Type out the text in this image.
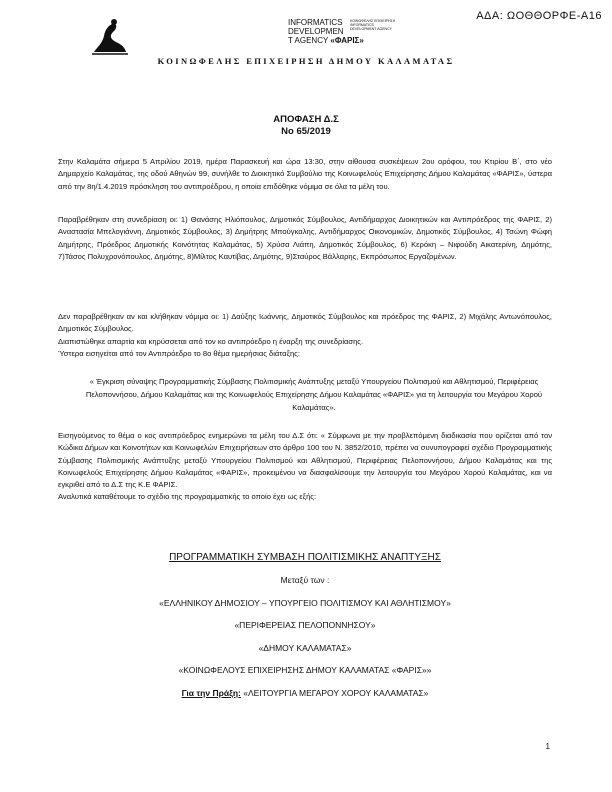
ΑΔΑ: ΩΟΘΘΟΡΦΕ-Α16
INFORMATICS
DEVELOPMEN
T AGENCY «ΦΑΡΙΣ»
ΚΟΙΝΩΦΕΛΗΣ ΕΠΙΧΕΙΡΗΣΗ
INFORMATICS
DEVELOPMENT AGENCY
ΚΟΙΝΩΦΕΛΗΣ ΕΠΙΧΕΙΡΗΣΗ ΔΗΜΟΥ ΚΑΛΑΜΑΤΑΣ
ΑΠΟΦΑΣΗ Δ.Σ
Νο 65/2019

Στην Καλαμάτα σήμερα 5 Απριλίου 2019, ημέρα Παρασκευή και ώρα 13:30, στην αίθουσα συσκέψεων 2ου ορόφου, του Κτιρίου Β΄, στο νέο Δημαρχείο Καλαμάτας, της οδού Αθηνών 99, συνήλθε το Διοικητικό Συμβούλιο της Κοινωφελούς Επιχείρησης Δήμου Καλαμάτας «ΦΑΡΙΣ», ύστερα από την 8η/1.4.2019 πρόσκληση του αντιπροέδρου, η οποία επιδόθηκε νόμιμα σε όλα τα μέλη του.

Παραβρέθηκαν στη συνεδρίαση οι: 1) Θανάσης Ηλιόπουλος, Δημοτικός Σύμβουλος, Αντιδήμαρχος Διοικητικών και Αντιπρόεδρος της ΦΑΡΙΣ, 2) Αναστασία Μπελογιάννη, Δημοτικός Σύμβουλος, 3) Δημήτρης Μπούγκαλης, Αντιδήμαρχος Οικονομικών, Δημοτικός Σύμβουλος, 4) Τσώνη Φώφη Δημήτρης, Πρόεδρος Δημοτικής Κοινότητας Καλαμάτας, 5) Χρύσα Λιάπη, Δημοτικός Σύμβουλος, 6) Κερόκη – Νιφούδη Αικατερίνη, Δημότης, 7)Τάσος Πολυχρονόπουλος, Δημότης, 8)Μίλτος Καυτίβας, Δημότης, 9)Σταύρος Βάλλαρης, Εκπρόσωπος Εργαζομένων.

Δεν παραβρέθηκαν αν και κλήθηκαν νόμιμα οι: 1) Δαύξης Ιωάννης, Δημοτικός Σύμβουλος και πρόεδρος της ΦΑΡΙΣ, 2) Μιχάλης Αντωνόπουλος, Δημοτικός Σύμβουλος.

Διαπιστώθηκε απαρτία και κηρύσσεται από τον κο αντιπρόεδρο η έναρξη της συνεδρίασης.

Ύστερα εισηγείται από τον Αντιπρόεδρο το 8ο θέμα ημερήσιας διάταξης:

« Έγκριση σύναψης Προγραμματικής Σύμβασης Πολιτισμικής Ανάπτυξης μεταξύ Υπουργείου Πολιτισμού και Αθλητισμού, Περιφέρειας Πελοποννήσου, Δήμου Καλαμάτας και της Κοινωφελούς Επιχείρησης Δήμου Καλαμάτας «ΦΑΡΙΣ» για τη λειτουργία του Μεγάρου Χορού Καλαμάτας».

Εισηγούμενος το θέμα ο κος αντιπρόεδρος ενημερώνει τα μέλη του Δ.Σ ότι: « Σύμφωνα με την προβλεπόμενη διαδικασία που ορίζεται από τον Κώδικα Δήμων και Κοινοτήτων και Κοινωφελών Επιχειρήσεων στο άρθρο 100 του Ν. 3852/2010, πρέπει να συνυπογραφεί σχέδιο Προγραμματικής Σύμβασης Πολιτισμικής Ανάπτυξης μεταξύ Υπουργείου Πολιτισμού και Αθλητισμού, Περιφέρειας Πελοποννήσου, Δήμου Καλαμάτας και της Κοινωφελούς Επιχείρησης Δήμου Καλαμάτας «ΦΑΡΙΣ», προκειμένου να διασφαλίσουμε την λειτουργία του Μεγάρου Χορού Καλαμάτας, και να εγκριθεί από το Δ.Σ της Κ.Ε ΦΑΡΙΣ.

Αναλυτικά καταθέτουμε το σχέδιο της προγραμματικής το οποίο έχει ως εξής:

ΠΡΟΓΡΑΜΜΑΤΙΚΗ ΣΥΜΒΑΣΗ ΠΟΛΙΤΙΣΜΙΚΗΣ ΑΝΑΠΤΥΞΗΣ
Μεταξύ των :
«ΕΛΛΗΝΙΚΟΥ ΔΗΜΟΣΙΟΥ – ΥΠΟΥΡΓΕΙΟ ΠΟΛΙΤΙΣΜΟΥ ΚΑΙ ΑΘΛΗΤΙΣΜΟΥ»
«ΠΕΡΙΦΕΡΕΙΑΣ ΠΕΛΟΠΟΝΝΗΣΟΥ»
«ΔΗΜΟΥ ΚΑΛΑΜΑΤΑΣ»
«ΚΟΙΝΩΦΕΛΟΥΣ ΕΠΙΧΕΙΡΗΣΗΣ ΔΗΜΟΥ ΚΑΛΑΜΑΤΑΣ «ΦΑΡΙΣ»»
Για την Πράξη: «ΛΕΙΤΟΥΡΓΙΑ ΜΕΓΑΡΟΥ ΧΟΡΟΥ ΚΑΛΑΜΑΤΑΣ»
1
